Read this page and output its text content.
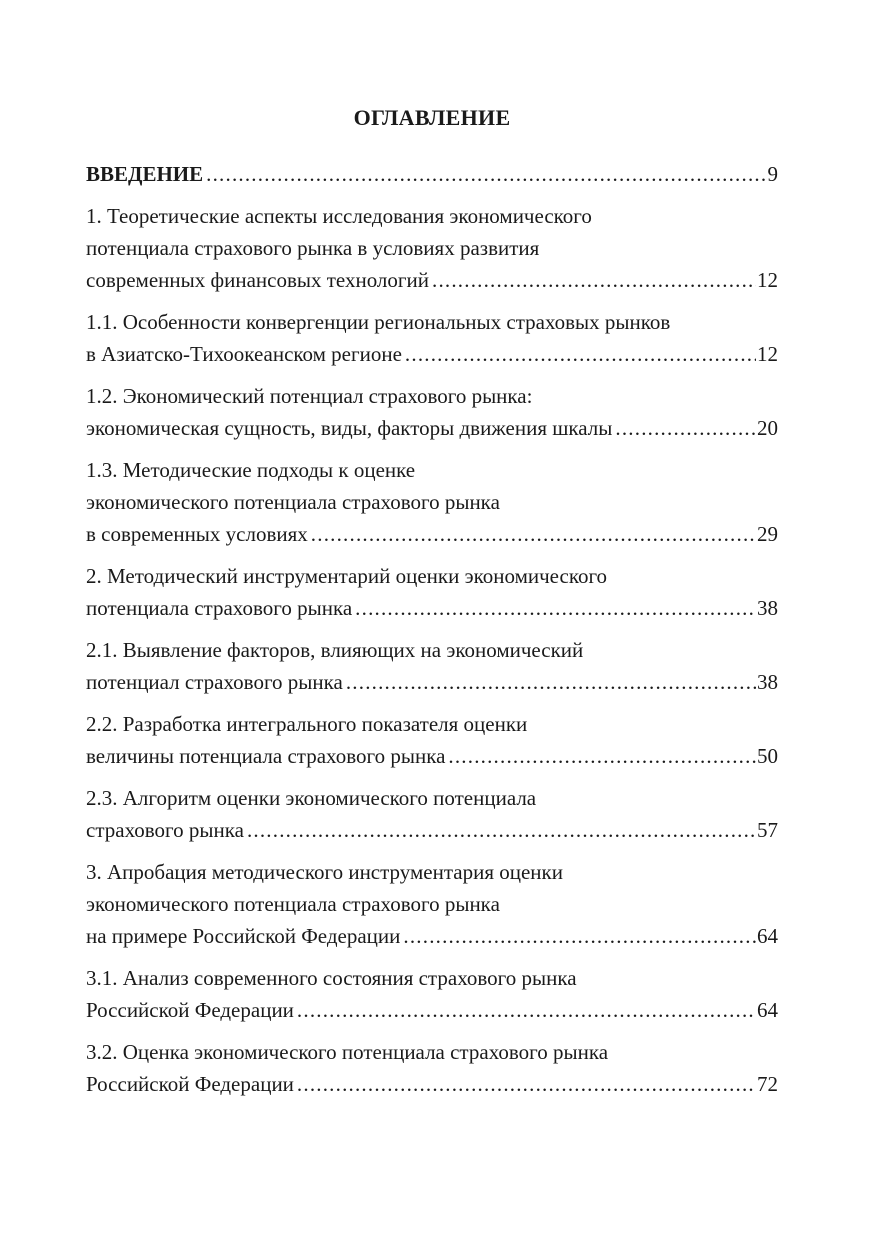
ОГЛАВЛЕНИЕ
ВВЕДЕНИЕ .....	9
1. Теоретические аспекты исследования экономического
потенциала страхового рынка в условиях развития
современных финансовых технологий .....	12
1.1. Особенности конвергенции региональных страховых рынков
в Азиатско-Тихоокеанском регионе .....	12
1.2. Экономический потенциал страхового рынка:
экономическая сущность, виды, факторы движения шкалы .....	20
1.3. Методические подходы к оценке
экономического потенциала страхового рынка
в современных условиях .....	29
2. Методический инструментарий оценки экономического
потенциала страхового рынка .....	38
2.1. Выявление факторов, влияющих на экономический
потенциал страхового рынка .....	38
2.2. Разработка интегрального показателя оценки
величины потенциала страхового рынка .....	50
2.3. Алгоритм оценки экономического потенциала
страхового рынка .....	57
3. Апробация методического инструментария оценки
экономического потенциала страхового рынка
на примере Российской Федерации .....	64
3.1. Анализ современного состояния страхового рынка
Российской Федерации .....	64
3.2. Оценка экономического потенциала страхового рынка
Российской Федерации .....	72
